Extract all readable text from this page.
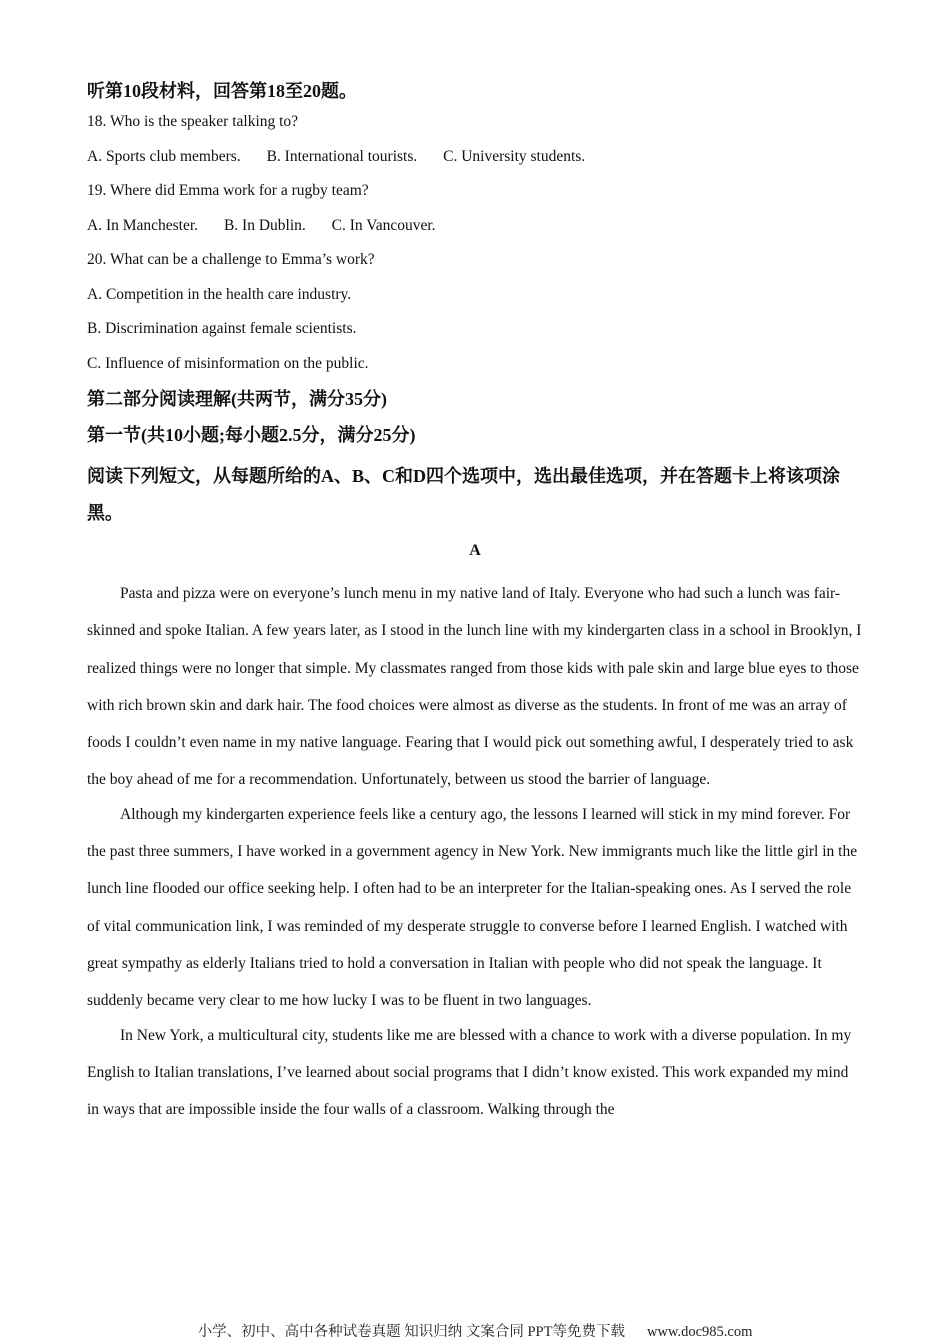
听第10段材料，回答第18至20题。

18. Who is the speaker talking to?

A. Sports club members. B. International tourists. C. University students.

19. Where did Emma work for a rugby team?

A. In Manchester. B. In Dublin. C. In Vancouver.

20. What can be a challenge to Emma’s work?

A. Competition in the health care industry.

B. Discrimination against female scientists.

C. Influence of misinformation on the public.

第二部分阅读理解(共两节，满分35分)

第一节(共10小题;每小题2.5分，满分25分)

阅读下列短文，从每题所给的A、B、C和D四个选项中，选出最佳选项，并在答题卡上将该项涂黑。

A

Pasta and pizza were on everyone’s lunch menu in my native land of Italy. Everyone who had such a lunch was fair-skinned and spoke Italian. A few years later, as I stood in the lunch line with my kindergarten class in a school in Brooklyn, I realized things were no longer that simple. My classmates ranged from those kids with pale skin and large blue eyes to those with rich brown skin and dark hair. The food choices were almost as diverse as the students. In front of me was an array of foods I couldn’t even name in my native language. Fearing that I would pick out something awful, I desperately tried to ask the boy ahead of me for a recommendation. Unfortunately, between us stood the barrier of language.

Although my kindergarten experience feels like a century ago, the lessons I learned will stick in my mind forever. For the past three summers, I have worked in a government agency in New York. New immigrants much like the little girl in the lunch line flooded our office seeking help. I often had to be an interpreter for the Italian-speaking ones. As I served the role of vital communication link, I was reminded of my desperate struggle to converse before I learned English. I watched with great sympathy as elderly Italians tried to hold a conversation in Italian with people who did not speak the language. It suddenly became very clear to me how lucky I was to be fluent in two languages.

In New York, a multicultural city, students like me are blessed with a chance to work with a diverse population. In my English to Italian translations, I’ve learned about social programs that I didn’t know existed. This work expanded my mind in ways that are impossible inside the four walls of a classroom. Walking through the

小学、初中、高中各种试卷真题 知识归纳 文案合同 PPT等免费下载 www.doc985.com
